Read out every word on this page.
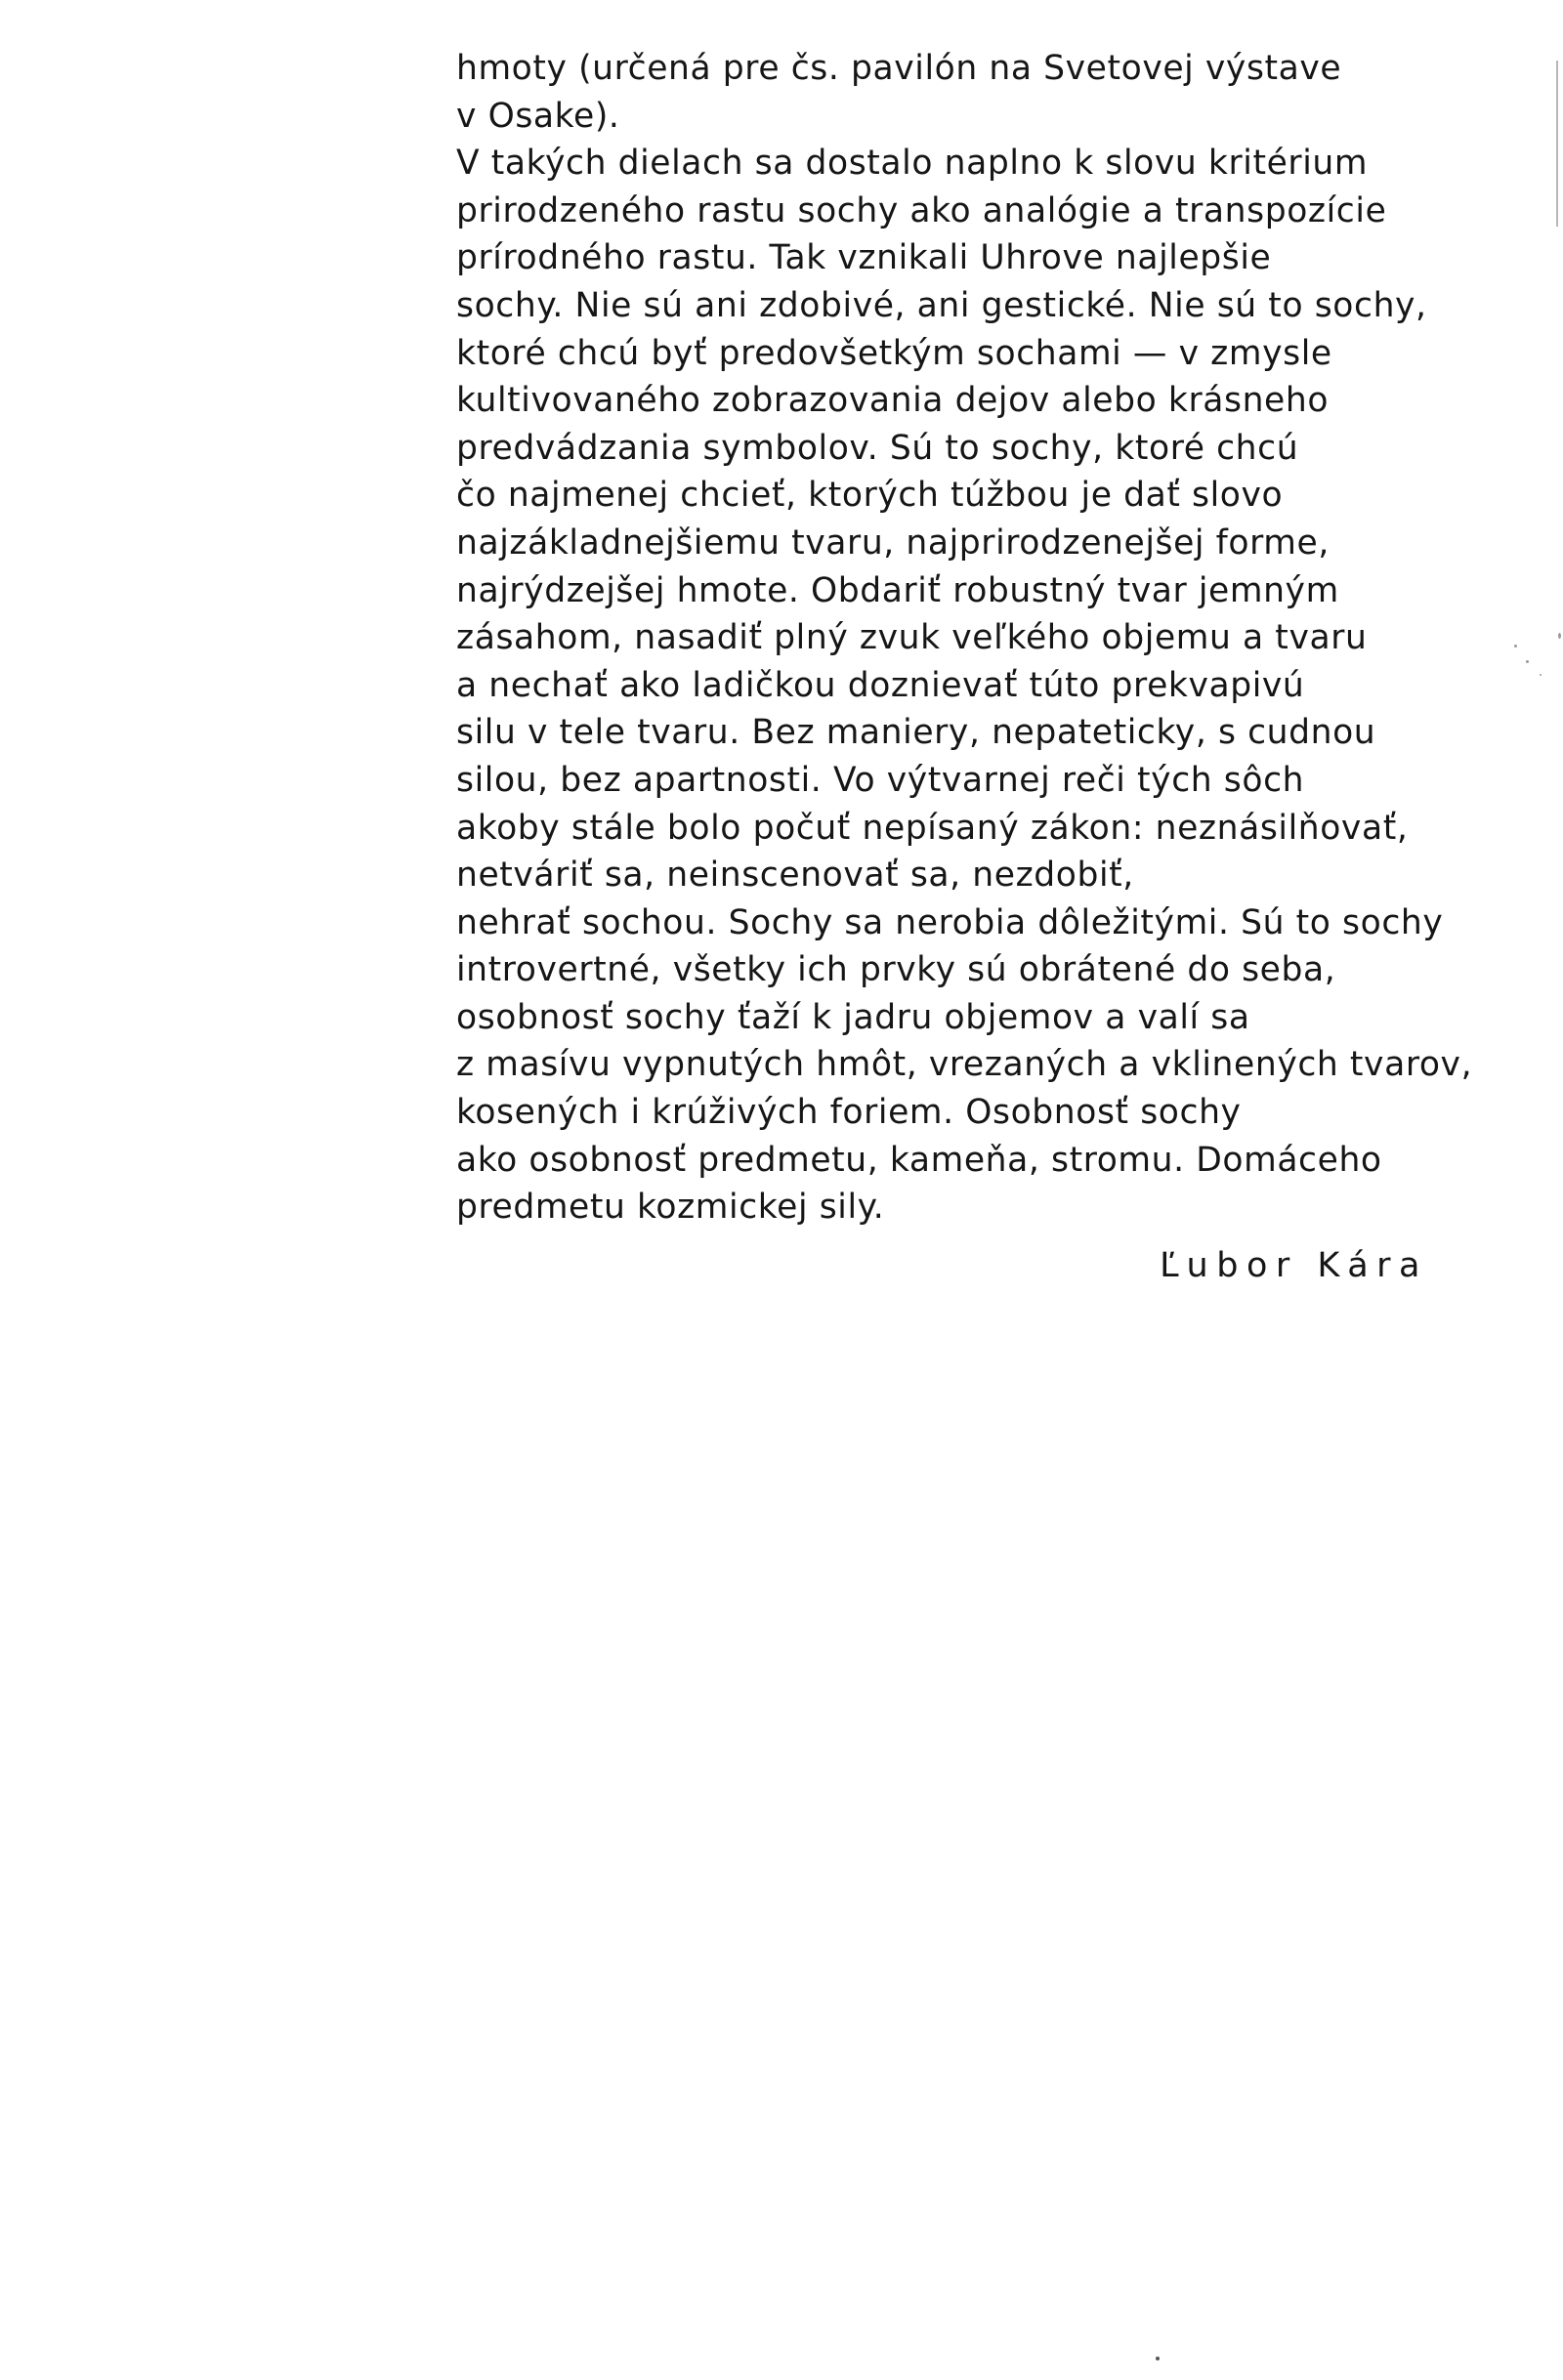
hmoty (určená pre čs. pavilón na Svetovej výstave
v Osake).
V takých dielach sa dostalo naplno k slovu kritérium
prirodzeného rastu sochy ako analógie a transpozície
prírodného rastu. Tak vznikali Uhrove najlepšie
sochy. Nie sú ani zdobivé, ani gestické. Nie sú to sochy,
ktoré chcú byť predovšetkým sochami — v zmysle
kultivovaného zobrazovania dejov alebo krásneho
predvádzania symbolov. Sú to sochy, ktoré chcú
čo najmenej chcieť, ktorých túžbou je dať slovo
najzákladnejšiemu tvaru, najprirodzenejšej forme,
najrýdzejšej hmote. Obdariť robustný tvar jemným
zásahom, nasadiť plný zvuk veľkého objemu a tvaru
a nechať ako ladičkou doznievať túto prekvapivú
silu v tele tvaru. Bez maniery, nepateticky, s cudnou
silou, bez apartnosti. Vo výtvarnej reči tých sôch
akoby stále bolo počuť nepísaný zákon: neznásilňovať,
netváriť sa, neinscenovať sa, nezdobiť,
nehrať sochou. Sochy sa nerobia dôležitými. Sú to sochy
introvertné, všetky ich prvky sú obrátené do seba,
osobnosť sochy ťaží k jadru objemov a valí sa
z masívu vypnutých hmôt, vrezaných a vklinených tvarov,
kosených i krúživých foriem. Osobnosť sochy
ako osobnosť predmetu, kameňa, stromu. Domáceho
predmetu kozmickej sily.
Ľubor Kára
